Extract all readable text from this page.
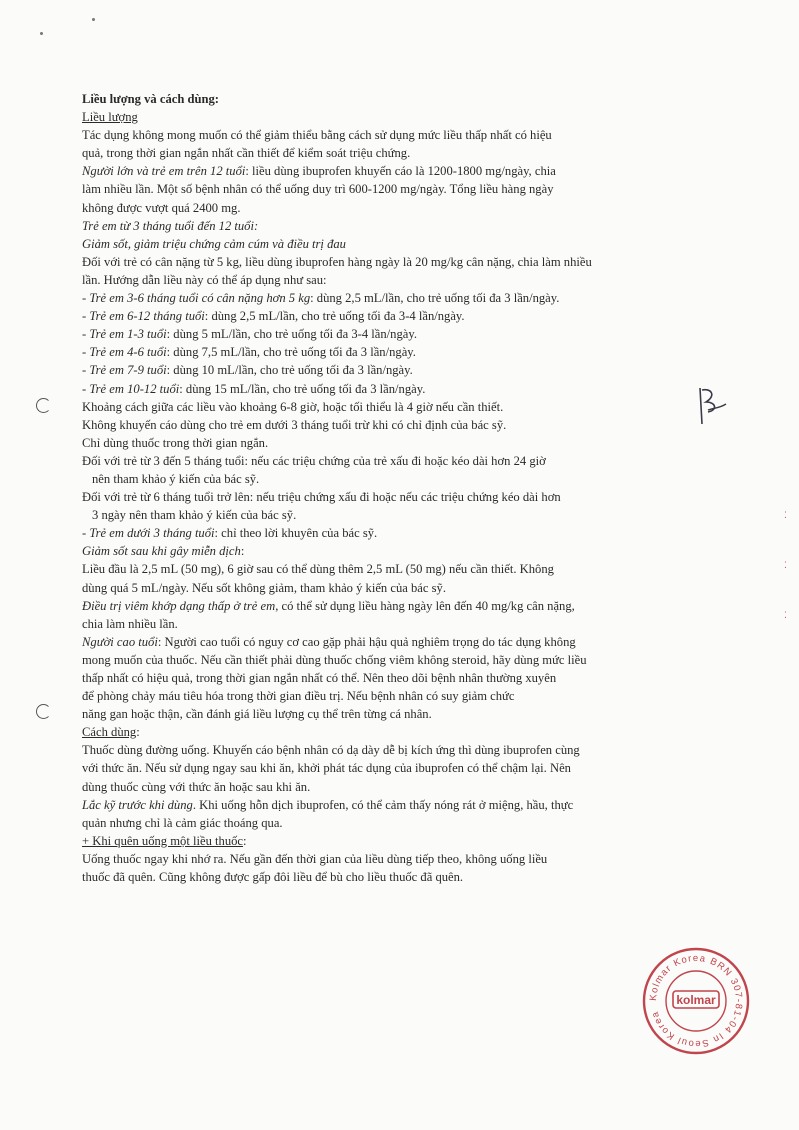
Liều lượng và cách dùng:

Liều lượng

Tác dụng không mong muốn có thể giảm thiểu bằng cách sử dụng mức liều thấp nhất có hiệu

quả, trong thời gian ngắn nhất cần thiết để kiểm soát triệu chứng.

Người lớn và trẻ em trên 12 tuổi: liều dùng ibuprofen khuyến cáo là 1200-1800 mg/ngày, chia

làm nhiều lần. Một số bệnh nhân có thể uống duy trì 600-1200 mg/ngày. Tổng liều hàng ngày

không được vượt quá 2400 mg.

Trẻ em từ 3 tháng tuổi đến 12 tuổi:

Giảm sốt, giảm triệu chứng cảm cúm và điều trị đau

Đối với trẻ có cân nặng từ 5 kg, liều dùng ibuprofen hàng ngày là 20 mg/kg cân nặng, chia làm nhiều

lần. Hướng dẫn liều này có thể áp dụng như sau:

- Trẻ em 3-6 tháng tuổi có cân nặng hơn 5 kg: dùng 2,5 mL/lần, cho trẻ uống tối đa 3 lần/ngày.

- Trẻ em 6-12 tháng tuổi: dùng 2,5 mL/lần, cho trẻ uống tối đa 3-4 lần/ngày.

- Trẻ em 1-3 tuổi: dùng 5 mL/lần, cho trẻ uống tối đa 3-4 lần/ngày.

- Trẻ em 4-6 tuổi: dùng 7,5 mL/lần, cho trẻ uống tối đa 3 lần/ngày.

- Trẻ em 7-9 tuổi: dùng 10 mL/lần, cho trẻ uống tối đa 3 lần/ngày.

- Trẻ em 10-12 tuổi: dùng 15 mL/lần, cho trẻ uống tối đa 3 lần/ngày.

Khoảng cách giữa các liều vào khoảng 6-8 giờ, hoặc tối thiểu là 4 giờ nếu cần thiết.

Không khuyến cáo dùng cho trẻ em dưới 3 tháng tuổi trừ khi có chỉ định của bác sỹ.

Chỉ dùng thuốc trong thời gian ngắn.

Đối với trẻ từ 3 đến 5 tháng tuổi: nếu các triệu chứng của trẻ xấu đi hoặc kéo dài hơn 24 giờ

nên tham khảo ý kiến của bác sỹ.

Đối với trẻ từ 6 tháng tuổi trở lên: nếu triệu chứng xấu đi hoặc nếu các triệu chứng kéo dài hơn

3 ngày nên tham khảo ý kiến của bác sỹ.

- Trẻ em dưới 3 tháng tuổi: chỉ theo lời khuyên của bác sỹ.

Giảm sốt sau khi gây miễn dịch:

Liều đầu là 2,5 mL (50 mg), 6 giờ sau có thể dùng thêm 2,5 mL (50 mg) nếu cần thiết. Không

dùng quá 5 mL/ngày. Nếu sốt không giảm, tham khảo ý kiến của bác sỹ.

Điều trị viêm khớp dạng thấp ở trẻ em, có thể sử dụng liều hàng ngày lên đến 40 mg/kg cân nặng,

chia làm nhiều lần.

Người cao tuổi: Người cao tuổi có nguy cơ cao gặp phải hậu quả nghiêm trọng do tác dụng không

mong muốn của thuốc. Nếu cần thiết phải dùng thuốc chống viêm không steroid, hãy dùng mức liều

thấp nhất có hiệu quả, trong thời gian ngắn nhất có thể. Nên theo dõi bệnh nhân thường xuyên

để phòng chảy máu tiêu hóa trong thời gian điều trị. Nếu bệnh nhân có suy giảm chức

năng gan hoặc thận, cần đánh giá liều lượng cụ thể trên từng cá nhân.

Cách dùng:

Thuốc dùng đường uống. Khuyến cáo bệnh nhân có dạ dày dễ bị kích ứng thì dùng ibuprofen cùng

với thức ăn. Nếu sử dụng ngay sau khi ăn, khởi phát tác dụng của ibuprofen có thể chậm lại. Nên

dùng thuốc cùng với thức ăn hoặc sau khi ăn.

Lắc kỹ trước khi dùng. Khi uống hỗn dịch ibuprofen, có thể cảm thấy nóng rát ở miệng, hầu, thực

quản nhưng chỉ là cảm giác thoáng qua.

+ Khi quên uống một liều thuốc:

Uống thuốc ngay khi nhớ ra. Nếu gần đến thời gian của liều dùng tiếp theo, không uống liều

thuốc đã quên. Cũng không được gấp đôi liều để bù cho liều thuốc đã quên.

⁚
⁚
⁚
Kolmar Korea BRN 307-81-04 In Seoul Korea
kolmar
